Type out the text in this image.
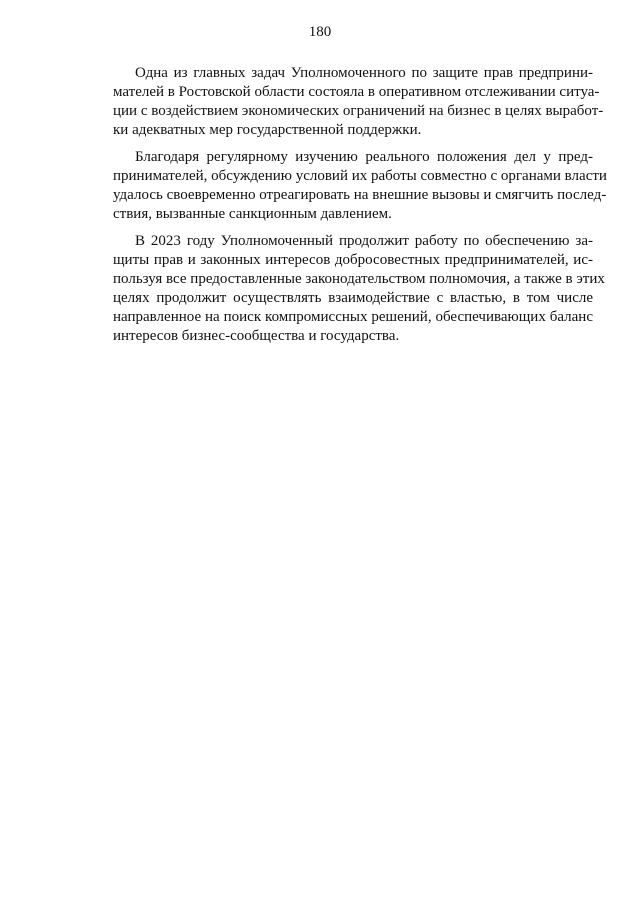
180
Одна из главных задач Уполномоченного по защите прав предприни-
мателей в Ростовской области состояла в оперативном отслеживании ситуа-
ции с воздействием экономических ограничений на бизнес в целях выработ-
ки адекватных мер государственной поддержки.
Благодаря регулярному изучению реального положения дел у пред-
принимателей, обсуждению условий их работы совместно с органами власти
удалось своевременно отреагировать на внешние вызовы и смягчить послед-
ствия, вызванные санкционным давлением.
В 2023 году Уполномоченный продолжит работу по обеспечению за-
щиты прав и законных интересов добросовестных предпринимателей, ис-
пользуя все предоставленные законодательством полномочия, а также в этих
целях продолжит осуществлять взаимодействие с властью, в том числе
направленное на поиск компромиссных решений, обеспечивающих баланс
интересов бизнес-сообщества и государства.
